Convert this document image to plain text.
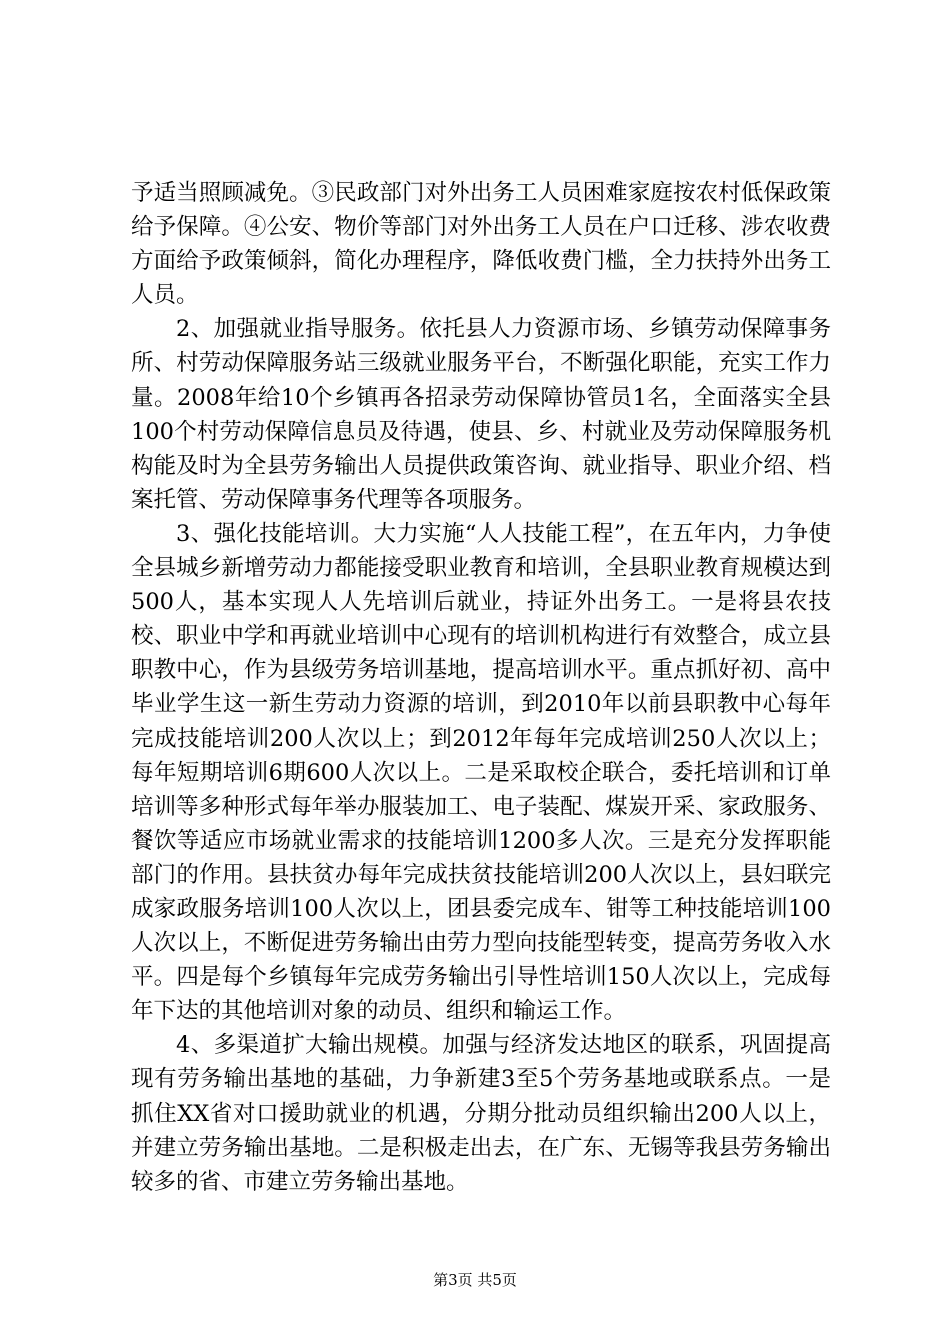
予适当照顾减免。③民政部门对外出务工人员困难家庭按农村低保政策给予保障。④公安、物价等部门对外出务工人员在户口迁移、涉农收费方面给予政策倾斜，简化办理程序，降低收费门槛，全力扶持外出务工人员。

2、加强就业指导服务。依托县人力资源市场、乡镇劳动保障事务所、村劳动保障服务站三级就业服务平台，不断强化职能，充实工作力量。2008年给10个乡镇再各招录劳动保障协管员1名，全面落实全县100个村劳动保障信息员及待遇，使县、乡、村就业及劳动保障服务机构能及时为全县劳务输出人员提供政策咨询、就业指导、职业介绍、档案托管、劳动保障事务代理等各项服务。

3、强化技能培训。大力实施“人人技能工程”，在五年内，力争使全县城乡新增劳动力都能接受职业教育和培训，全县职业教育规模达到500人，基本实现人人先培训后就业，持证外出务工。一是将县农技校、职业中学和再就业培训中心现有的培训机构进行有效整合，成立县职教中心，作为县级劳务培训基地，提高培训水平。重点抓好初、高中毕业学生这一新生劳动力资源的培训，到2010年以前县职教中心每年完成技能培训200人次以上；到2012年每年完成培训250人次以上；每年短期培训6期600人次以上。二是采取校企联合，委托培训和订单培训等多种形式每年举办服装加工、电子装配、煤炭开采、家政服务、餐饮等适应市场就业需求的技能培训1200多人次。三是充分发挥职能部门的作用。县扶贫办每年完成扶贫技能培训200人次以上，县妇联完成家政服务培训100人次以上，团县委完成车、钳等工种技能培训100人次以上，不断促进劳务输出由劳力型向技能型转变，提高劳务收入水平。四是每个乡镇每年完成劳务输出引导性培训150人次以上，完成每年下达的其他培训对象的动员、组织和输运工作。

4、多渠道扩大输出规模。加强与经济发达地区的联系，巩固提高现有劳务输出基地的基础，力争新建3至5个劳务基地或联系点。一是抓住XX省对口援助就业的机遇，分期分批动员组织输出200人以上，并建立劳务输出基地。二是积极走出去，在广东、无锡等我县劳务输出较多的省、市建立劳务输出基地。

第3页 共5页
